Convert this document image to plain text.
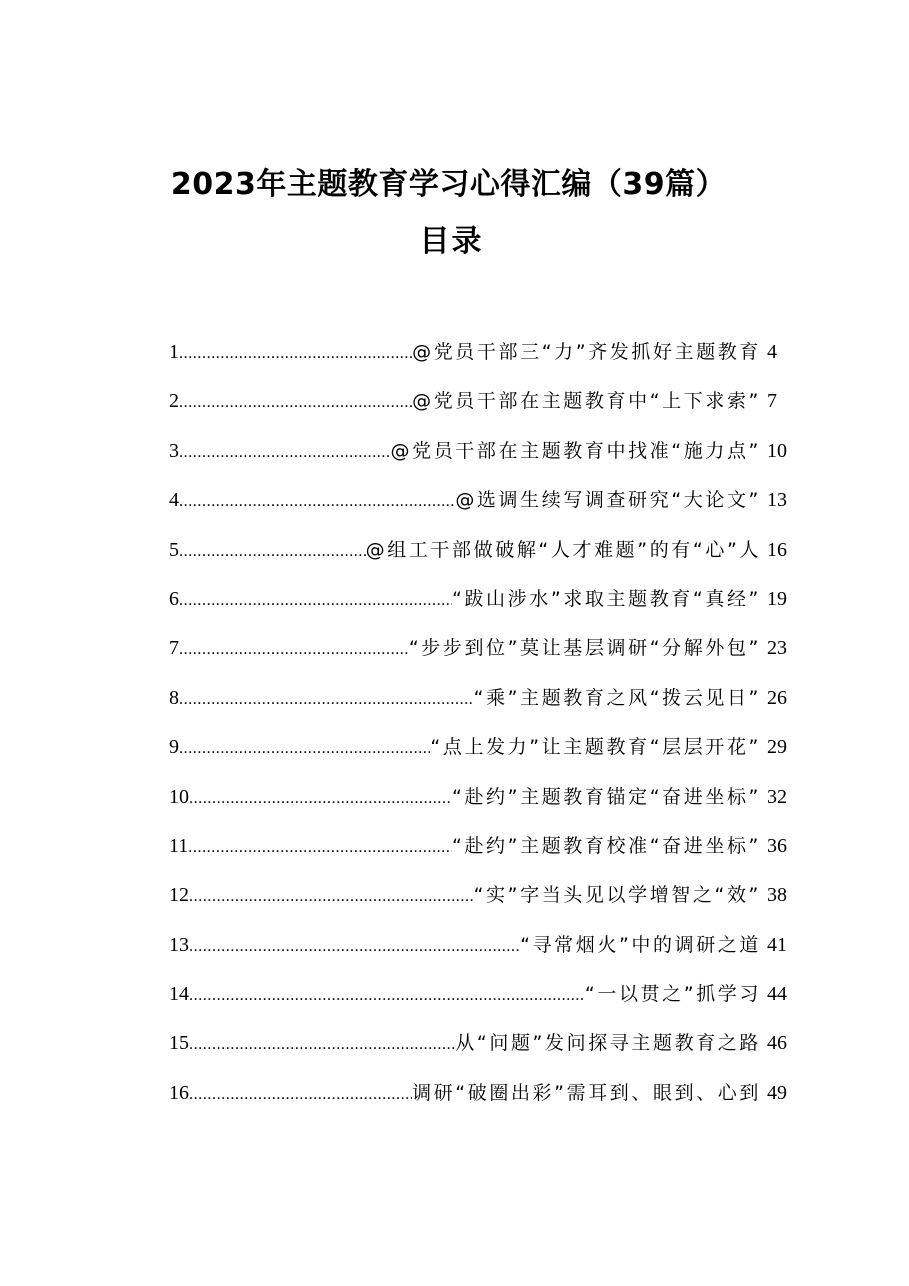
2023年主题教育学习心得汇编（39篇）
目录
1 .....	@党员干部三“力”齐发抓好主题教育 4
2 .....	@党员干部在主题教育中“上下求索” 7
3 .....	@党员干部在主题教育中找准“施力点” 10
4 .....	@选调生续写调查研究“大论文” 13
5 .....	@组工干部做破解“人才难题”的有“心”人 16
6 .....	“跋山涉水”求取主题教育“真经” 19
7 .....	“步步到位”莫让基层调研“分解外包” 23
8 .....	“乘”主题教育之风“拨云见日” 26
9 .....	“点上发力”让主题教育“层层开花” 29
10 .....	“赴约”主题教育锚定“奋进坐标” 32
11 .....	“赴约”主题教育校准“奋进坐标” 36
12 .....	“实”字当头见以学增智之“效” 38
13 .....	“寻常烟火”中的调研之道 41
14 .....	“一以贯之”抓学习 44
15 .....	从“问题”发问探寻主题教育之路 46
16 .....	调研“破圈出彩”需耳到、眼到、心到 49
